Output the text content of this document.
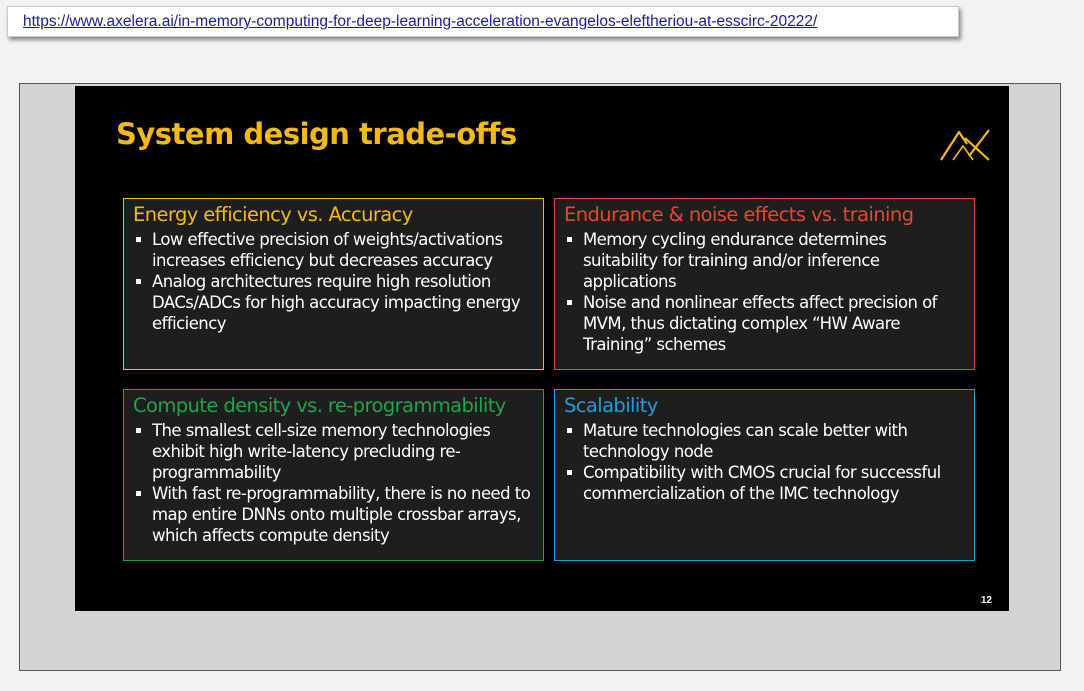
https://www.axelera.ai/in-memory-computing-for-deep-learning-acceleration-evangelos-eleftheriou-at-esscirc-20222/
System design trade-offs
Energy efficiency vs. Accuracy
Low effective precision of weights/activations increases efficiency but decreases accuracy
Analog architectures require high resolution DACs/ADCs for high accuracy impacting energy efficiency
Endurance & noise effects vs. training
Memory cycling endurance determines suitability for training and/or inference applications
Noise and nonlinear effects affect precision of MVM, thus dictating complex “HW Aware Training” schemes
Compute density vs. re-programmability
The smallest cell-size memory technologies exhibit high write-latency precluding re-programmability
With fast re-programmability, there is no need to map entire DNNs onto multiple crossbar arrays, which affects compute density
Scalability
Mature technologies can scale better with technology node
Compatibility with CMOS crucial for successful commercialization of the IMC technology
12
